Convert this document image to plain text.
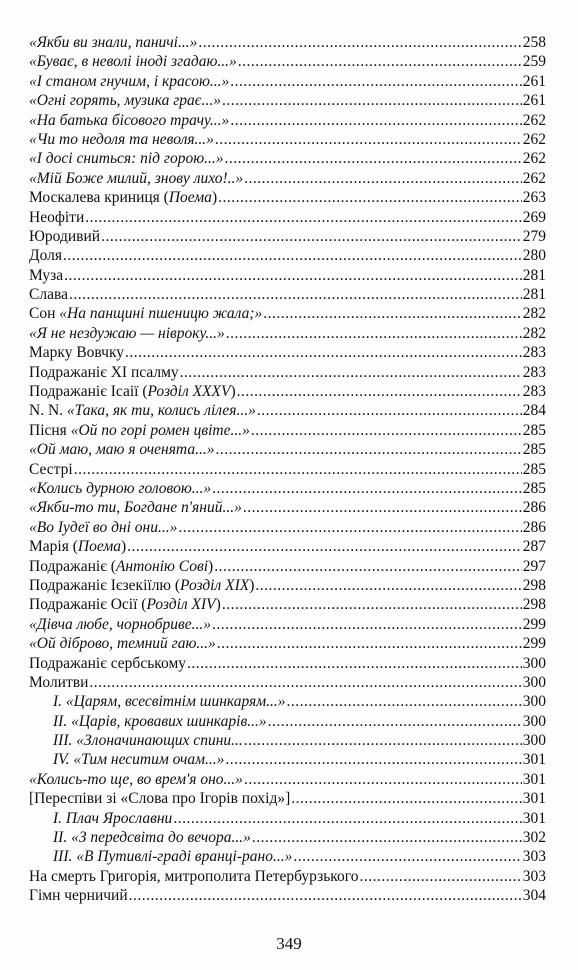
«Якби ви знали, паничі...» .....	258
«Буває, в неволі іноді згадаю...» .....	259
«І станом гнучим, і красою...» .....	261
«Огні горять, музика грає...» .....	261
«На батька бісового трачу...» .....	262
«Чи то недоля та неволя...» .....	262
«І досі сниться: під горою...» .....	262
«Мій Боже милий, знову лихо!..» .....	262
Москалева криниця (Поема) .....	263
Неофіти .....	269
Юродивий .....	279
Доля .....	280
Муза .....	281
Слава .....	281
Сон «На панщині пшеницю жала;» .....	282
«Я не нездужаю — нівроку...» .....	282
Марку Вовчку .....	283
Подражаніє XI псалму .....	283
Подражаніє Ісаії (Розділ XXXV) .....	283
N. N. «Така, як ти, колись лілея...» .....	284
Пісня «Ой по горі ромен цвіте...» .....	285
«Ой маю, маю я оченята...» .....	285
Сестрі .....	285
«Колись дурною головою...» .....	285
«Якби-то ти, Богдане п'яний...» .....	286
«Во Іудеї во дні они...» .....	286
Марія (Поема) .....	287
Подражаніє (Антонію Сові) .....	297
Подражаніє Ієзекіїлю (Розділ XIX) .....	298
Подражаніє Осії (Розділ XIV) .....	298
«Дівча любе, чорнобриве...» .....	299
«Ой діброво, темний гаю...» .....	299
Подражаніє сербському .....	300
Молитви .....	300
І. «Царям, всесвітнім шинкарям...» .....	300
ІІ. «Царів, кровавих шинкарів...» .....	300
ІІІ. «Злоначинающих спини... .....	300
IV. «Тим неситим очам...» .....	301
«Колись-то ще, во врем'я оно...» .....	301
[Переспіви зі «Слова про Ігорів похід»] .....	301
І. Плач Ярославни .....	301
ІІ. «З передсвіта до вечора...» .....	302
ІІІ. «В Путивлі-граді вранці-рано...» .....	303
На смерть Григорія, митрополита Петербурзького .....	303
Гімн черничий .....	304
349
